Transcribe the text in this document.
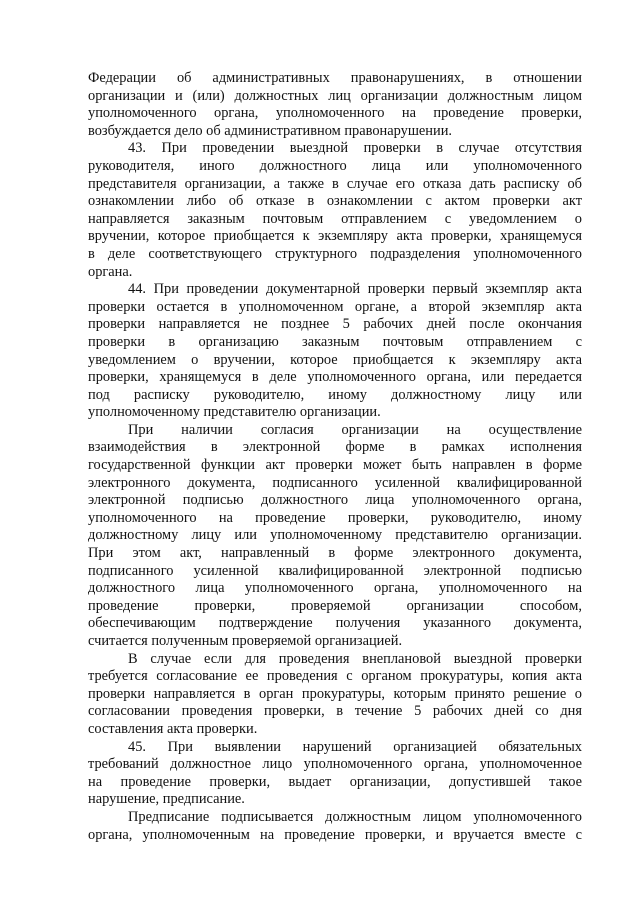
Федерации об административных правонарушениях, в отношении
организации и (или) должностных лиц организации должностным лицом
уполномоченного органа, уполномоченного на проведение проверки,
возбуждается дело об административном правонарушении.

43. При проведении выездной проверки в случае отсутствия
руководителя, иного должностного лица или уполномоченного
представителя организации, а также в случае его отказа дать расписку об
ознакомлении либо об отказе в ознакомлении с актом проверки акт
направляется заказным почтовым отправлением с уведомлением о
вручении, которое приобщается к экземпляру акта проверки, хранящемуся
в деле соответствующего структурного подразделения уполномоченного
органа.

44. При проведении документарной проверки первый экземпляр акта
проверки остается в уполномоченном органе, а второй экземпляр акта
проверки направляется не позднее 5 рабочих дней после окончания
проверки в организацию заказным почтовым отправлением с
уведомлением о вручении, которое приобщается к экземпляру акта
проверки, хранящемуся в деле уполномоченного органа, или передается
под расписку руководителю, иному должностному лицу или
уполномоченному представителю организации.

При наличии согласия организации на осуществление
взаимодействия в электронной форме в рамках исполнения
государственной функции акт проверки может быть направлен в форме
электронного документа, подписанного усиленной квалифицированной
электронной подписью должностного лица уполномоченного органа,
уполномоченного на проведение проверки, руководителю, иному
должностному лицу или уполномоченному представителю организации.
При этом акт, направленный в форме электронного документа,
подписанного усиленной квалифицированной электронной подписью
должностного лица уполномоченного органа, уполномоченного на
проведение проверки, проверяемой организации способом,
обеспечивающим подтверждение получения указанного документа,
считается полученным проверяемой организацией.

В случае если для проведения внеплановой выездной проверки
требуется согласование ее проведения с органом прокуратуры, копия акта
проверки направляется в орган прокуратуры, которым принято решение о
согласовании проведения проверки, в течение 5 рабочих дней со дня
составления акта проверки.

45. При выявлении нарушений организацией обязательных
требований должностное лицо уполномоченного органа, уполномоченное
на проведение проверки, выдает организации, допустившей такое
нарушение, предписание.

Предписание подписывается должностным лицом уполномоченного
органа, уполномоченным на проведение проверки, и вручается вместе с
